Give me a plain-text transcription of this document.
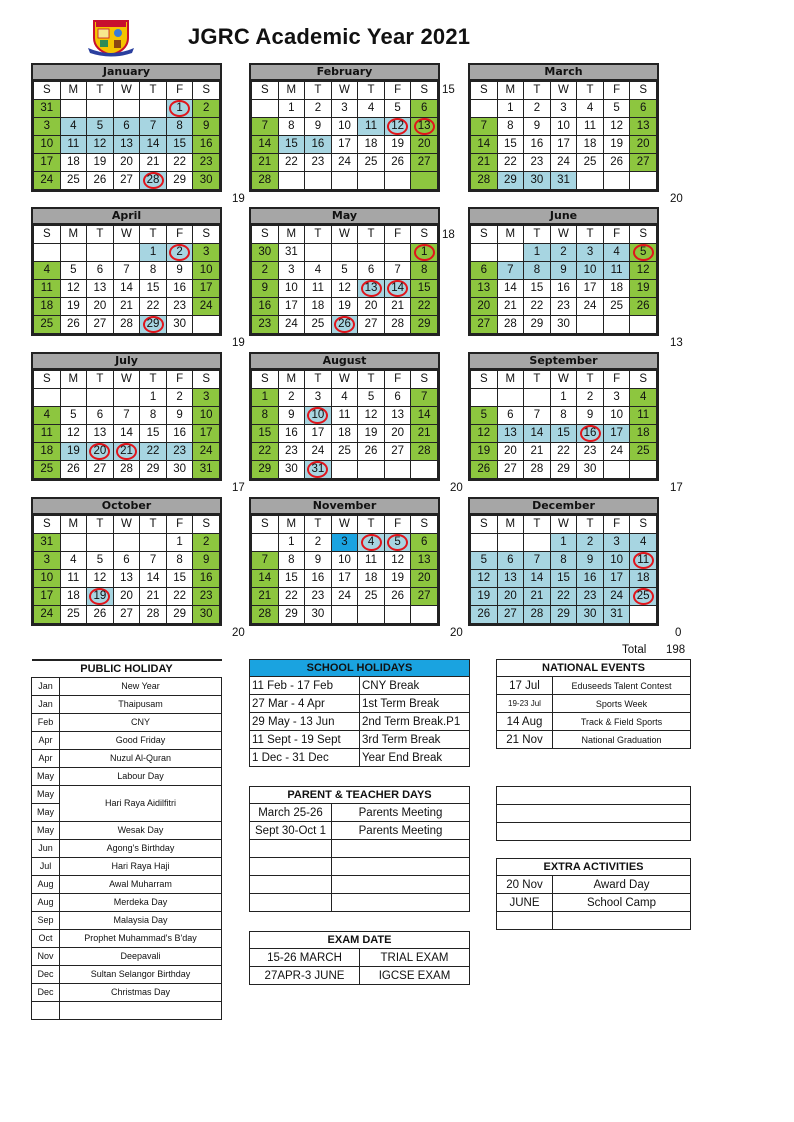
JGRC Academic Year 2021
January
S	M	T	W	T	F	S
31					1	2
3	4	5	6	7	8	9
10	11	12	13	14	15	16
17	18	19	20	21	22	23
24	25	26	27	28	29	30
February
S	M	T	W	T	F	S
	1	2	3	4	5	6
7	8	9	10	11	12	13
14	15	16	17	18	19	20
21	22	23	24	25	26	27
28						
March
S	M	T	W	T	F	S
	1	2	3	4	5	6
7	8	9	10	11	12	13
14	15	16	17	18	19	20
21	22	23	24	25	26	27
28	29	30	31			
April
S	M	T	W	T	F	S
				1	2	3
4	5	6	7	8	9	10
11	12	13	14	15	16	17
18	19	20	21	22	23	24
25	26	27	28	29	30	
May
S	M	T	W	T	F	S
30	31					1
2	3	4	5	6	7	8
9	10	11	12	13	14	15
16	17	18	19	20	21	22
23	24	25	26	27	28	29
June
S	M	T	W	T	F	S
		1	2	3	4	5
6	7	8	9	10	11	12
13	14	15	16	17	18	19
20	21	22	23	24	25	26
27	28	29	30			
July
S	M	T	W	T	F	S
				1	2	3
4	5	6	7	8	9	10
11	12	13	14	15	16	17
18	19	20	21	22	23	24
25	26	27	28	29	30	31
August
S	M	T	W	T	F	S
1	2	3	4	5	6	7
8	9	10	11	12	13	14
15	16	17	18	19	20	21
22	23	24	25	26	27	28
29	30	31				
September
S	M	T	W	T	F	S
			1	2	3	4
5	6	7	8	9	10	11
12	13	14	15	16	17	18
19	20	21	22	23	24	25
26	27	28	29	30		
October
S	M	T	W	T	F	S
31					1	2
3	4	5	6	7	8	9
10	11	12	13	14	15	16
17	18	19	20	21	22	23
24	25	26	27	28	29	30
November
S	M	T	W	T	F	S
	1	2	3	4	5	6
7	8	9	10	11	12	13
14	15	16	17	18	19	20
21	22	23	24	25	26	27
28	29	30				
December
S	M	T	W	T	F	S
			1	2	3	4
5	6	7	8	9	10	11
12	13	14	15	16	17	18
19	20	21	22	23	24	25
26	27	28	29	30	31	
19
15
20
19
18
13
17	20	17
20	20	0
Total 198
PUBLIC HOLIDAY	
Jan	New Year
Jan	Thaipusam
Feb	CNY
Apr	Good Friday
Apr	Nuzul Al-Quran
May	Labour Day
May	Hari Raya Aidilfitri
May	
May	Wesak Day
Jun	Agong's Birthday
Jul	Hari Raya Haji
Aug	Awal Muharram
Aug	Merdeka Day
Sep	Malaysia Day
Oct	Prophet Muhammad's B'day
Nov	Deepavali
Dec	Sultan Selangor Birthday
Dec	Christmas Day

SCHOOL HOLIDAYS	
11 Feb - 17 Feb	CNY Break
27 Mar - 4 Apr	1st Term Break
29 May - 13 Jun	2nd Term Break.P1
11 Sept - 19 Sept	3rd Term Break
1 Dec - 31 Dec	Year End Break
PARENT & TEACHER DAYS	
March 25-26	Parents Meeting
Sept 30-Oct 1	Parents Meeting

EXAM DATE	
15-26 MARCH	TRIAL EXAM
27APR-3 JUNE	IGCSE EXAM
NATIONAL EVENTS	
17 Jul	Eduseeds Talent Contest
19-23 Jul	Sports Week
14 Aug	Track & Field Sports
21 Nov	National Graduation

EXTRA ACTIVITIES	
20 Nov	Award Day
JUNE	School Camp
